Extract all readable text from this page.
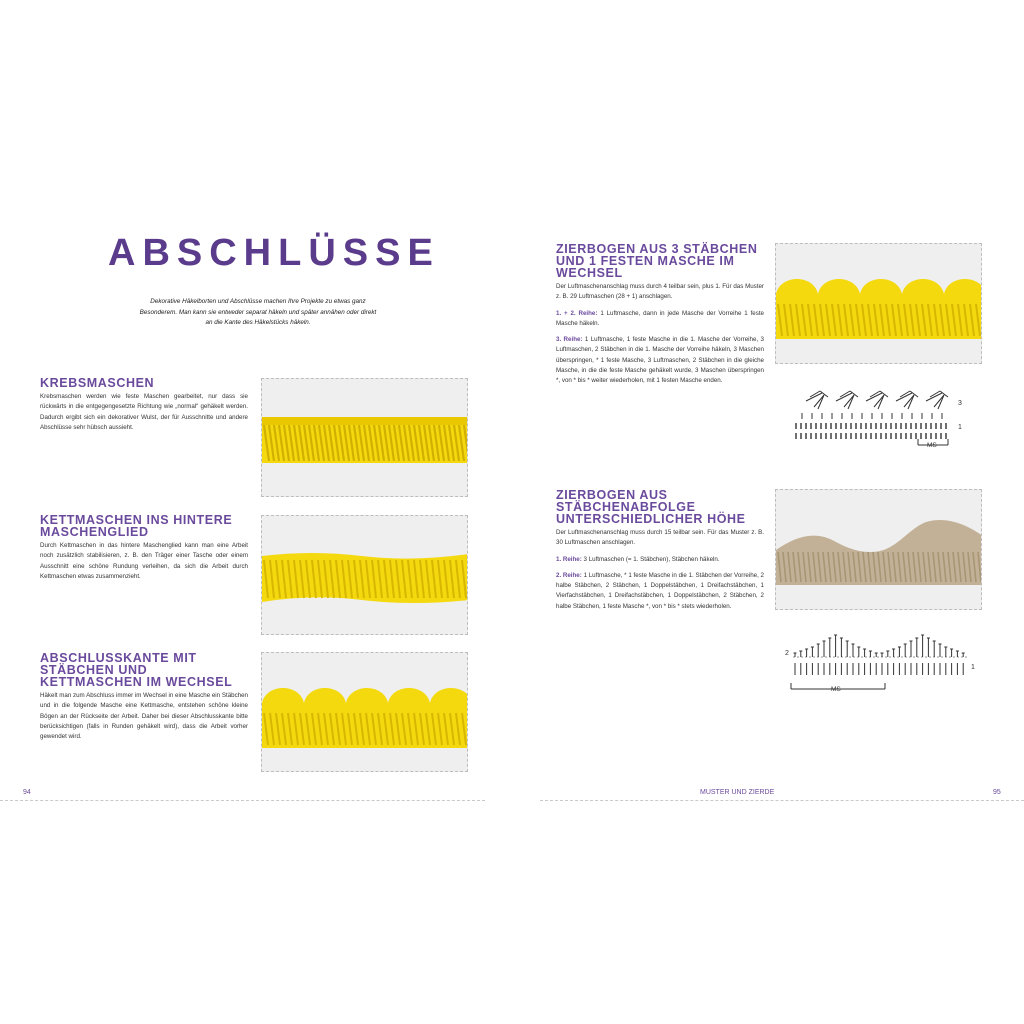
ABSCHLÜSSE
Dekorative Häkelborten und Abschlüsse machen Ihre Projekte zu etwas ganz Besonderem. Man kann sie entweder separat häkeln und später annähen oder direkt an die Kante des Häkelstücks häkeln.
KREBSMASCHEN
Krebsmaschen werden wie feste Maschen gearbeitet, nur dass sie rückwärts in die entgegengesetzte Richtung wie „normal“ gehäkelt werden. Dadurch ergibt sich ein dekorativer Wulst, der für Ausschnitte und andere Abschlüsse sehr hübsch aussieht.
KETTMASCHEN INS HINTERE MASCHENGLIED
Durch Kettmaschen in das hintere Maschenglied kann man eine Arbeit noch zusätzlich stabilisieren, z. B. den Träger einer Tasche oder einem Ausschnitt eine schöne Rundung verleihen, da sich die Arbeit durch Kettmaschen etwas zusammenzieht.
ABSCHLUSSKANTE MIT STÄBCHEN UND KETTMASCHEN IM WECHSEL
Häkelt man zum Abschluss immer im Wechsel in eine Masche ein Stäbchen und in die folgende Masche eine Kettmasche, entstehen schöne kleine Bögen an der Rückseite der Arbeit. Daher bei dieser Abschlusskante bitte berücksichtigen (falls in Runden gehäkelt wird), dass die Arbeit vorher gewendet wird.
94
ZIERBOGEN AUS 3 STÄBCHEN UND 1 FESTEN MASCHE IM WECHSEL
Der Luftmaschenanschlag muss durch 4 teilbar sein, plus 1. Für das Muster z. B. 29 Luftmaschen (28 + 1) anschlagen.
1. + 2. Reihe: 1 Luftmasche, dann in jede Masche der Vorreihe 1 feste Masche häkeln.
3. Reihe: 1 Luftmasche, 1 feste Masche in die 1. Masche der Vorreihe, 3 Luftmaschen, 2 Stäbchen in die 1. Masche der Vorreihe häkeln, 3 Maschen überspringen, * 1 feste Masche, 3 Luftmaschen, 2 Stäbchen in die gleiche Masche, in die die feste Masche gehäkelt wurde, 3 Maschen überspringen *, von * bis * weiter wiederholen, mit 1 festen Masche enden.
3
1
MS
ZIERBOGEN AUS STÄBCHENABFOLGE UNTERSCHIEDLICHER HÖHE
Der Luftmaschenanschlag muss durch 15 teilbar sein. Für das Muster z. B. 30 Luftmaschen anschlagen.
1. Reihe: 3 Luftmaschen (= 1. Stäbchen), Stäbchen häkeln.
2. Reihe: 1 Luftmasche, * 1 feste Masche in die 1. Stäbchen der Vorreihe, 2 halbe Stäbchen, 2 Stäbchen, 1 Doppelstäbchen, 1 Dreifachstäbchen, 1 Vierfachstäbchen, 1 Dreifachstäbchen, 1 Doppelstäbchen, 2 Stäbchen, 2 halbe Stäbchen, 1 feste Masche *, von * bis * stets wiederholen.
2
1
MS
MUSTER UND ZIERDE	95
